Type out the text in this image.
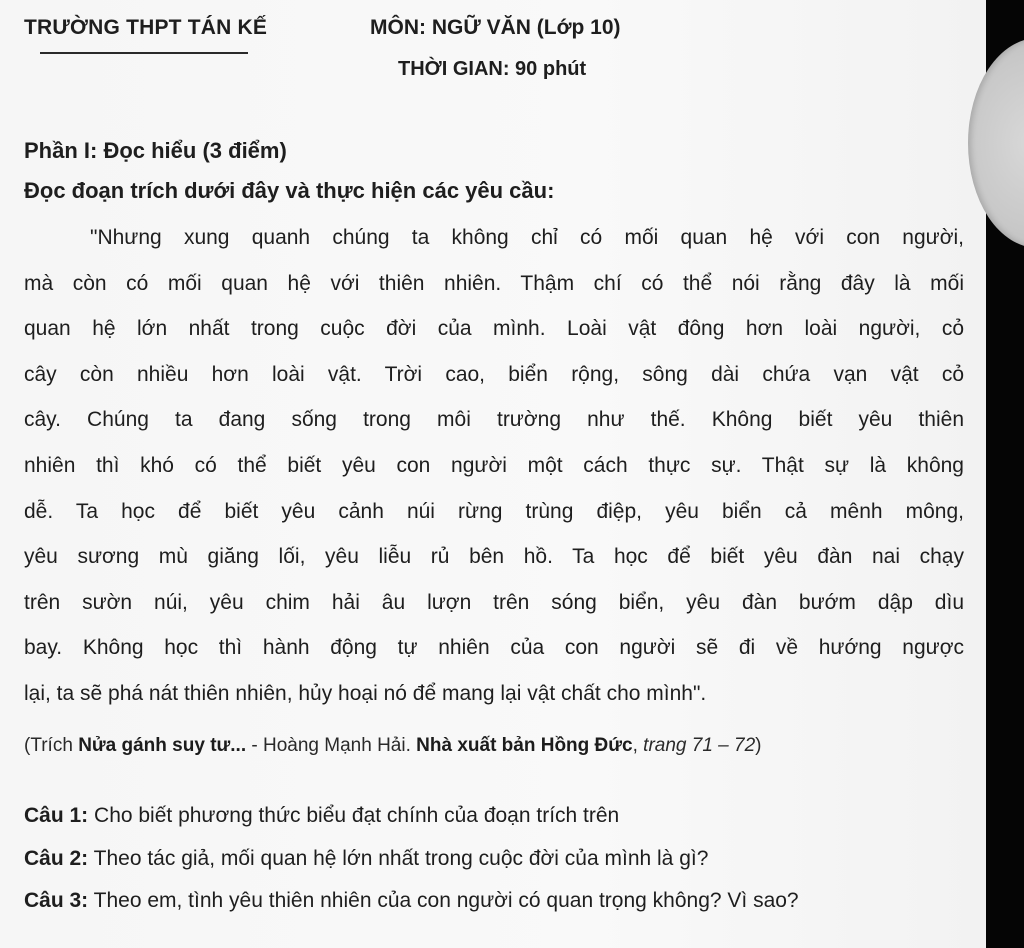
TRƯỜNG THPT TÁN KẾ	MÔN: NGỮ VĂN (Lớp 10)
THỜI GIAN: 90 phút
Phần I: Đọc hiểu (3 điểm)
Đọc đoạn trích dưới đây và thực hiện các yêu cầu:
"Nhưng xung quanh chúng ta không chỉ có mối quan hệ với con người,
mà còn có mối quan hệ với thiên nhiên. Thậm chí có thể nói rằng đây là mối
quan hệ lớn nhất trong cuộc đời của mình. Loài vật đông hơn loài người, cỏ
cây còn nhiều hơn loài vật. Trời cao, biển rộng, sông dài chứa vạn vật cỏ
cây. Chúng ta đang sống trong môi trường như thế. Không biết yêu thiên
nhiên thì khó có thể biết yêu con người một cách thực sự. Thật sự là không
dễ. Ta học để biết yêu cảnh núi rừng trùng điệp, yêu biển cả mênh mông,
yêu sương mù giăng lối, yêu liễu rủ bên hồ. Ta học để biết yêu đàn nai chạy
trên sườn núi, yêu chim hải âu lượn trên sóng biển, yêu đàn bướm dập dìu
bay. Không học thì hành động tự nhiên của con người sẽ đi về hướng ngược
lại, ta sẽ phá nát thiên nhiên, hủy hoại nó để mang lại vật chất cho mình".
(Trích Nửa gánh suy tư... - Hoàng Mạnh Hải. Nhà xuất bản Hồng Đức, trang 71 – 72)
Câu 1: Cho biết phương thức biểu đạt chính của đoạn trích trên
Câu 2: Theo tác giả, mối quan hệ lớn nhất trong cuộc đời của mình là gì?
Câu 3: Theo em, tình yêu thiên nhiên của con người có quan trọng không? Vì sao?
